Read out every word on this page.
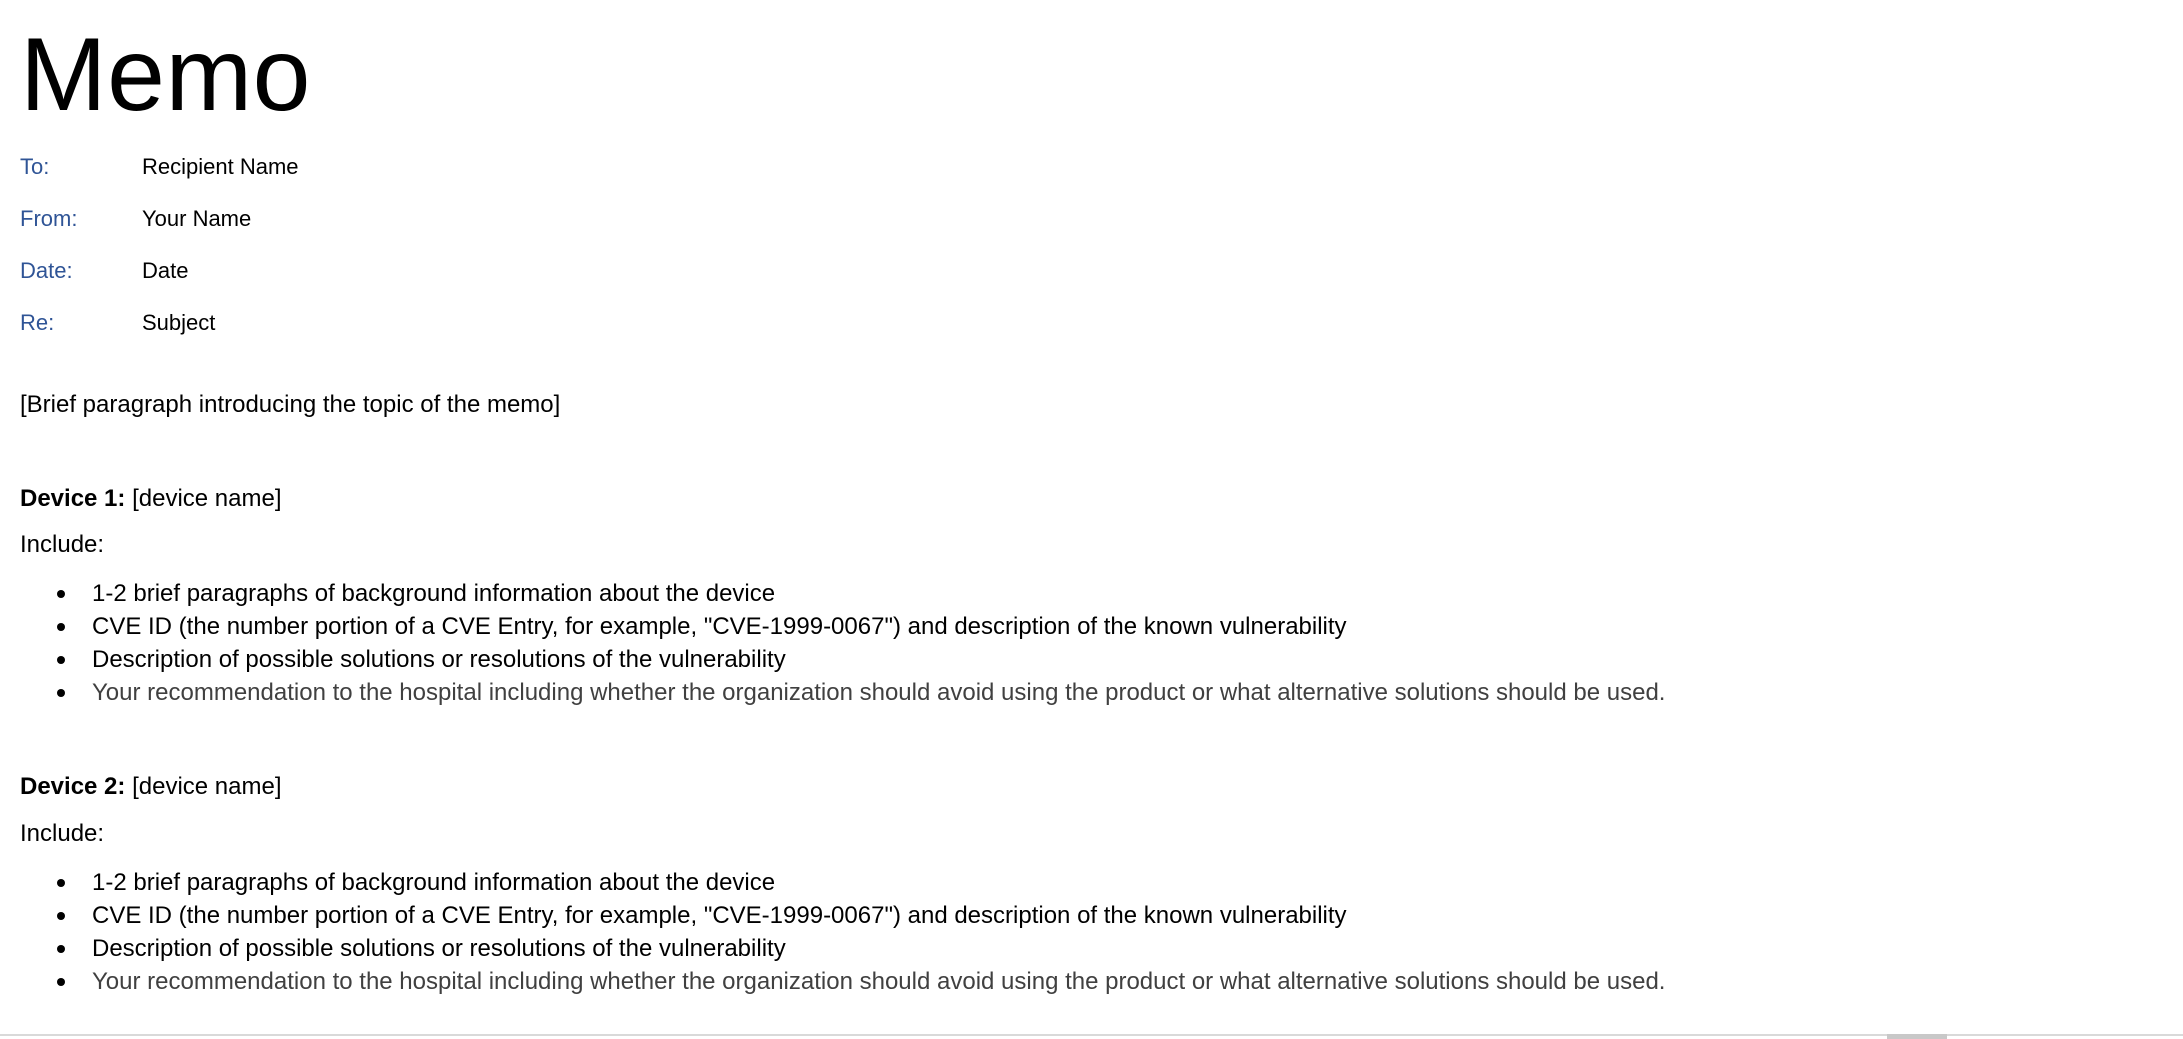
Memo
To:	Recipient Name
From:	Your Name
Date:	Date
Re:	Subject
[Brief paragraph introducing the topic of the memo]
Device 1: [device name]
Include:
1-2 brief paragraphs of background information about the device
CVE ID (the number portion of a CVE Entry, for example, "CVE-1999-0067") and description of the known vulnerability
Description of possible solutions or resolutions of the vulnerability
Your recommendation to the hospital including whether the organization should avoid using the product or what alternative solutions should be used.
Device 2: [device name]
Include:
1-2 brief paragraphs of background information about the device
CVE ID (the number portion of a CVE Entry, for example, "CVE-1999-0067") and description of the known vulnerability
Description of possible solutions or resolutions of the vulnerability
Your recommendation to the hospital including whether the organization should avoid using the product or what alternative solutions should be used.
